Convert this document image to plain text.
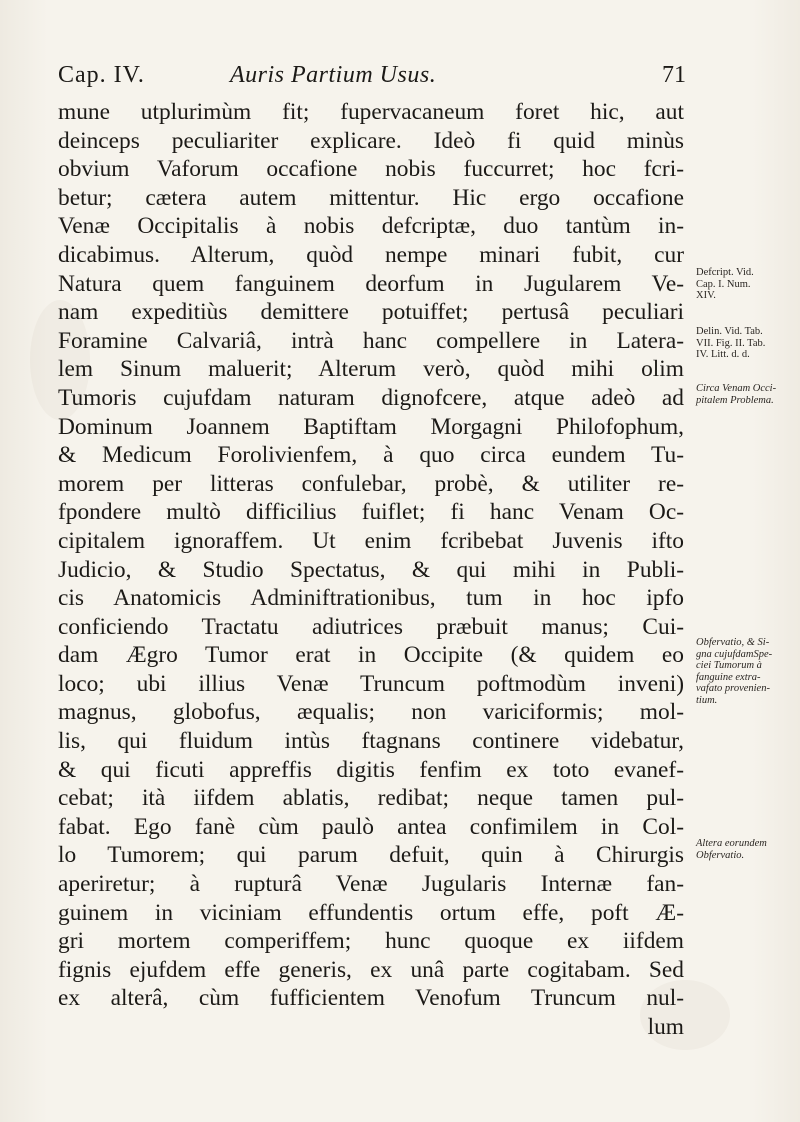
Cap. IV.	Auris Partium Usus.	71
mune utplurimùm fit; fupervacaneum foret hic, aut
deinceps peculiariter explicare. Ideò fi quid minùs
obvium Vaforum occafione nobis fuccurret; hoc fcri-
betur; cætera autem mittentur. Hic ergo occafione
Venæ Occipitalis à nobis defcriptæ, duo tantùm in-
dicabimus. Alterum, quòd nempe minari fubit, cur
Natura quem fanguinem deorfum in Jugularem Ve-
nam expeditiùs demittere potuiffet; pertusâ peculiari
Foramine Calvariâ, intrà hanc compellere in Latera-
lem Sinum maluerit; Alterum verò, quòd mihi olim
Tumoris cujufdam naturam dignofcere, atque adeò ad
Dominum Joannem Baptiftam Morgagni Philofophum,
& Medicum Forolivienfem, à quo circa eundem Tu-
morem per litteras confulebar, probè, & utiliter re-
fpondere multò difficilius fuiflet; fi hanc Venam Oc-
cipitalem ignoraffem. Ut enim fcribebat Juvenis ifto
Judicio, & Studio Spectatus, & qui mihi in Publi-
cis Anatomicis Adminiftrationibus, tum in hoc ipfo
conficiendo Tractatu adiutrices præbuit manus; Cui-
dam Ægro Tumor erat in Occipite (& quidem eo
loco; ubi illius Venæ Truncum poftmodùm inveni)
magnus, globofus, æqualis; non variciformis; mol-
lis, qui fluidum intùs ftagnans continere videbatur,
& qui ficuti appreffis digitis fenfim ex toto evanef-
cebat; ità iifdem ablatis, redibat; neque tamen pul-
fabat. Ego fanè cùm paulò antea confimilem in Col-
lo Tumorem; qui parum defuit, quin à Chirurgis
aperiretur; à rupturâ Venæ Jugularis Internæ fan-
guinem in viciniam effundentis ortum effe, poft Æ-
gri mortem comperiffem; hunc quoque ex iifdem
fignis ejufdem effe generis, ex unâ parte cogitabam. Sed
ex alterâ, cùm fufficientem Venofum Truncum nul-
lum
Defcript. Vid.
Cap. I. Num.
XIV.
Delin. Vid. Tab.
VII. Fig. II. Tab.
IV. Litt. d. d.
Circa Venam Occi-
pitalem Problema.
Obfervatio, & Si-
gna cujufdamSpe-
ciei Tumorum à
fanguine extra-
vafato provenien-
tium.
Altera eorundem
Obfervatio.
